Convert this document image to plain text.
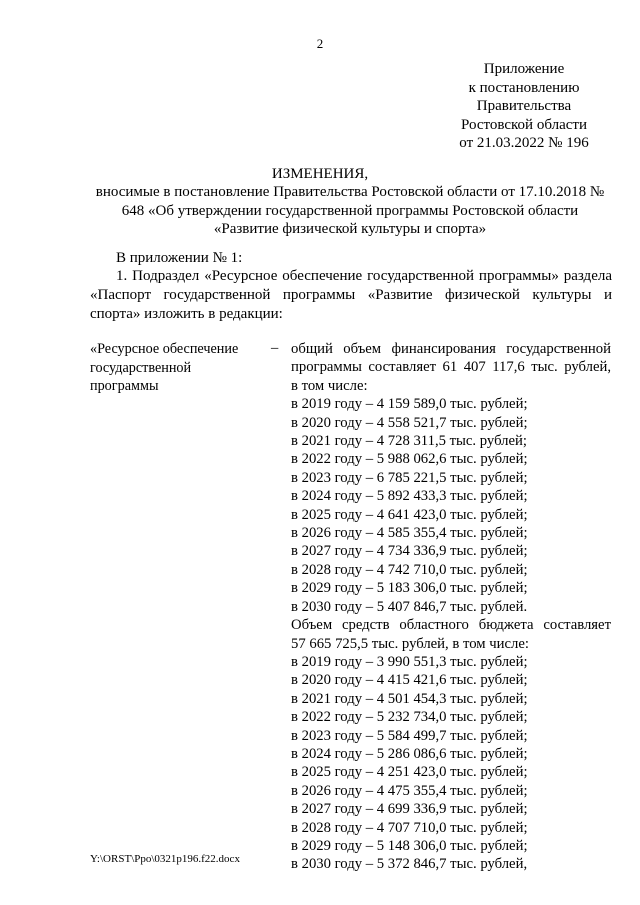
2
Приложение
к постановлению
Правительства
Ростовской области
от 21.03.2022 № 196
ИЗМЕНЕНИЯ,
вносимые в постановление Правительства Ростовской области от 17.10.2018 № 648 «Об утверждении государственной программы Ростовской области «Развитие физической культуры и спорта»
В приложении № 1:
1. Подраздел «Ресурсное обеспечение государственной программы» раздела «Паспорт государственной программы «Развитие физической культуры и спорта» изложить в редакции:
«Ресурсное обеспечение государственной программы
– общий объем финансирования государственной
программы составляет 61 407 117,6 тыс. рублей,
в том числе:
в 2019 году – 4 159 589,0 тыс. рублей;
в 2020 году – 4 558 521,7 тыс. рублей;
в 2021 году – 4 728 311,5 тыс. рублей;
в 2022 году – 5 988 062,6 тыс. рублей;
в 2023 году – 6 785 221,5 тыс. рублей;
в 2024 году – 5 892 433,3 тыс. рублей;
в 2025 году – 4 641 423,0 тыс. рублей;
в 2026 году – 4 585 355,4 тыс. рублей;
в 2027 году – 4 734 336,9 тыс. рублей;
в 2028 году – 4 742 710,0 тыс. рублей;
в 2029 году – 5 183 306,0 тыс. рублей;
в 2030 году – 5 407 846,7 тыс. рублей.
Объем средств областного бюджета составляет
57 665 725,5 тыс. рублей, в том числе:
в 2019 году – 3 990 551,3 тыс. рублей;
в 2020 году – 4 415 421,6 тыс. рублей;
в 2021 году – 4 501 454,3 тыс. рублей;
в 2022 году – 5 232 734,0 тыс. рублей;
в 2023 году – 5 584 499,7 тыс. рублей;
в 2024 году – 5 286 086,6 тыс. рублей;
в 2025 году – 4 251 423,0 тыс. рублей;
в 2026 году – 4 475 355,4 тыс. рублей;
в 2027 году – 4 699 336,9 тыс. рублей;
в 2028 году – 4 707 710,0 тыс. рублей;
в 2029 году – 5 148 306,0 тыс. рублей;
в 2030 году – 5 372 846,7 тыс. рублей,
Y:\ORST\Ppo\0321p196.f22.docx
